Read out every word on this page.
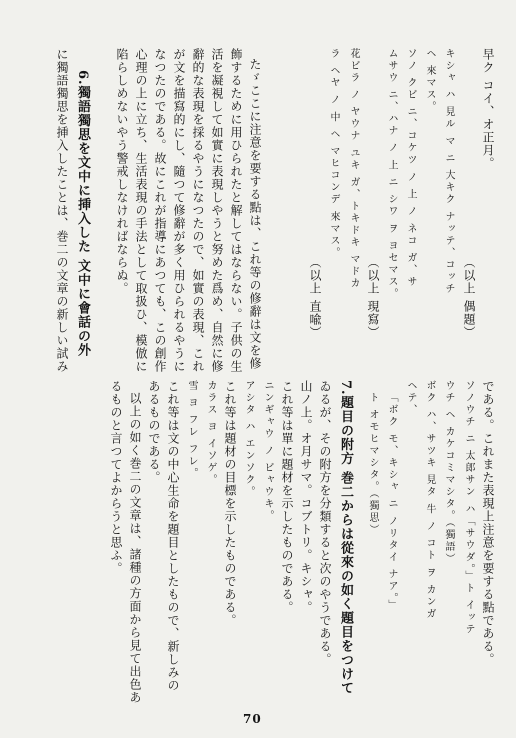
早ク コイ、オ正月。
（以上 偶題）
キシャ ハ 見ル マ ニ 大キク ナッテ、コッチ
ヘ 來マス。
ソノ クビ ニ、コケツ ノ 上 ノ ネコ ガ、サ
ムサウ ニ、ハナ ノ 上 ニ シワ ヲ ヨセマス。
（以上 現寫）
花ビラ ノ ヤウナ ユキ ガ、トキドキ マドカ
ラ ヘヤ ノ 中 ヘ マヒコンデ 來マス。
（以上 直喩）
たゞここに注意を要する點は、これ等の修辭は文を修
飾するために用ひられたと解してはならない。子供の生
活を凝視して如實に表現しやうと努めた爲め、自然に修
辭的な表現を採るやうになつたので、如實の表現、これ
が文を描寫的にし、隨つて修辭が多く用ひられるやうに
なつたのである。故にこれが指導にあつても、この創作
心理の上に立ち、生活表現の手法として取扱ひ、模倣に
陷らしめないやう警戒しなければならぬ。
6.獨語獨思を文中に挿入した 文中に會話の外
に獨語獨思を挿入したことは、巻二の文章の新しい試み
である。これまた表現上注意を要する點である。
ソノウチ ニ 太郎サン ハ「サウダ。」ト イッテ
ウチ ヘ カケコミマシタ。（獨語）
ボク ハ、サツキ 見タ 牛 ノ コト ヲ カンガ
ヘテ、
「ボク モ、キシャ ニ ノリタイ ナア。」
ト オモヒマシタ。（獨思）
7.題目の附方 巻二からは從來の如く題目をつけて
ゐるが、その附方を分類すると次のやうである。
山ノ上。オ月サマ。コブトリ。キシャ。
これ等は單に題材を示したものである。
ニンギャウ ノ ビャウキ。
アシタ ハ エンソク。
これ等は題材の目標を示したものである。
カラス ヨ イソゲ。
雪 ヨ フレ フレ。
これ等は文の中心生命を題目としたもので、新しみの
あるものである。
以上の如く巻二の文章は、諸種の方面から見て出色あ
るものと言つてよからうと思ふ。
70
